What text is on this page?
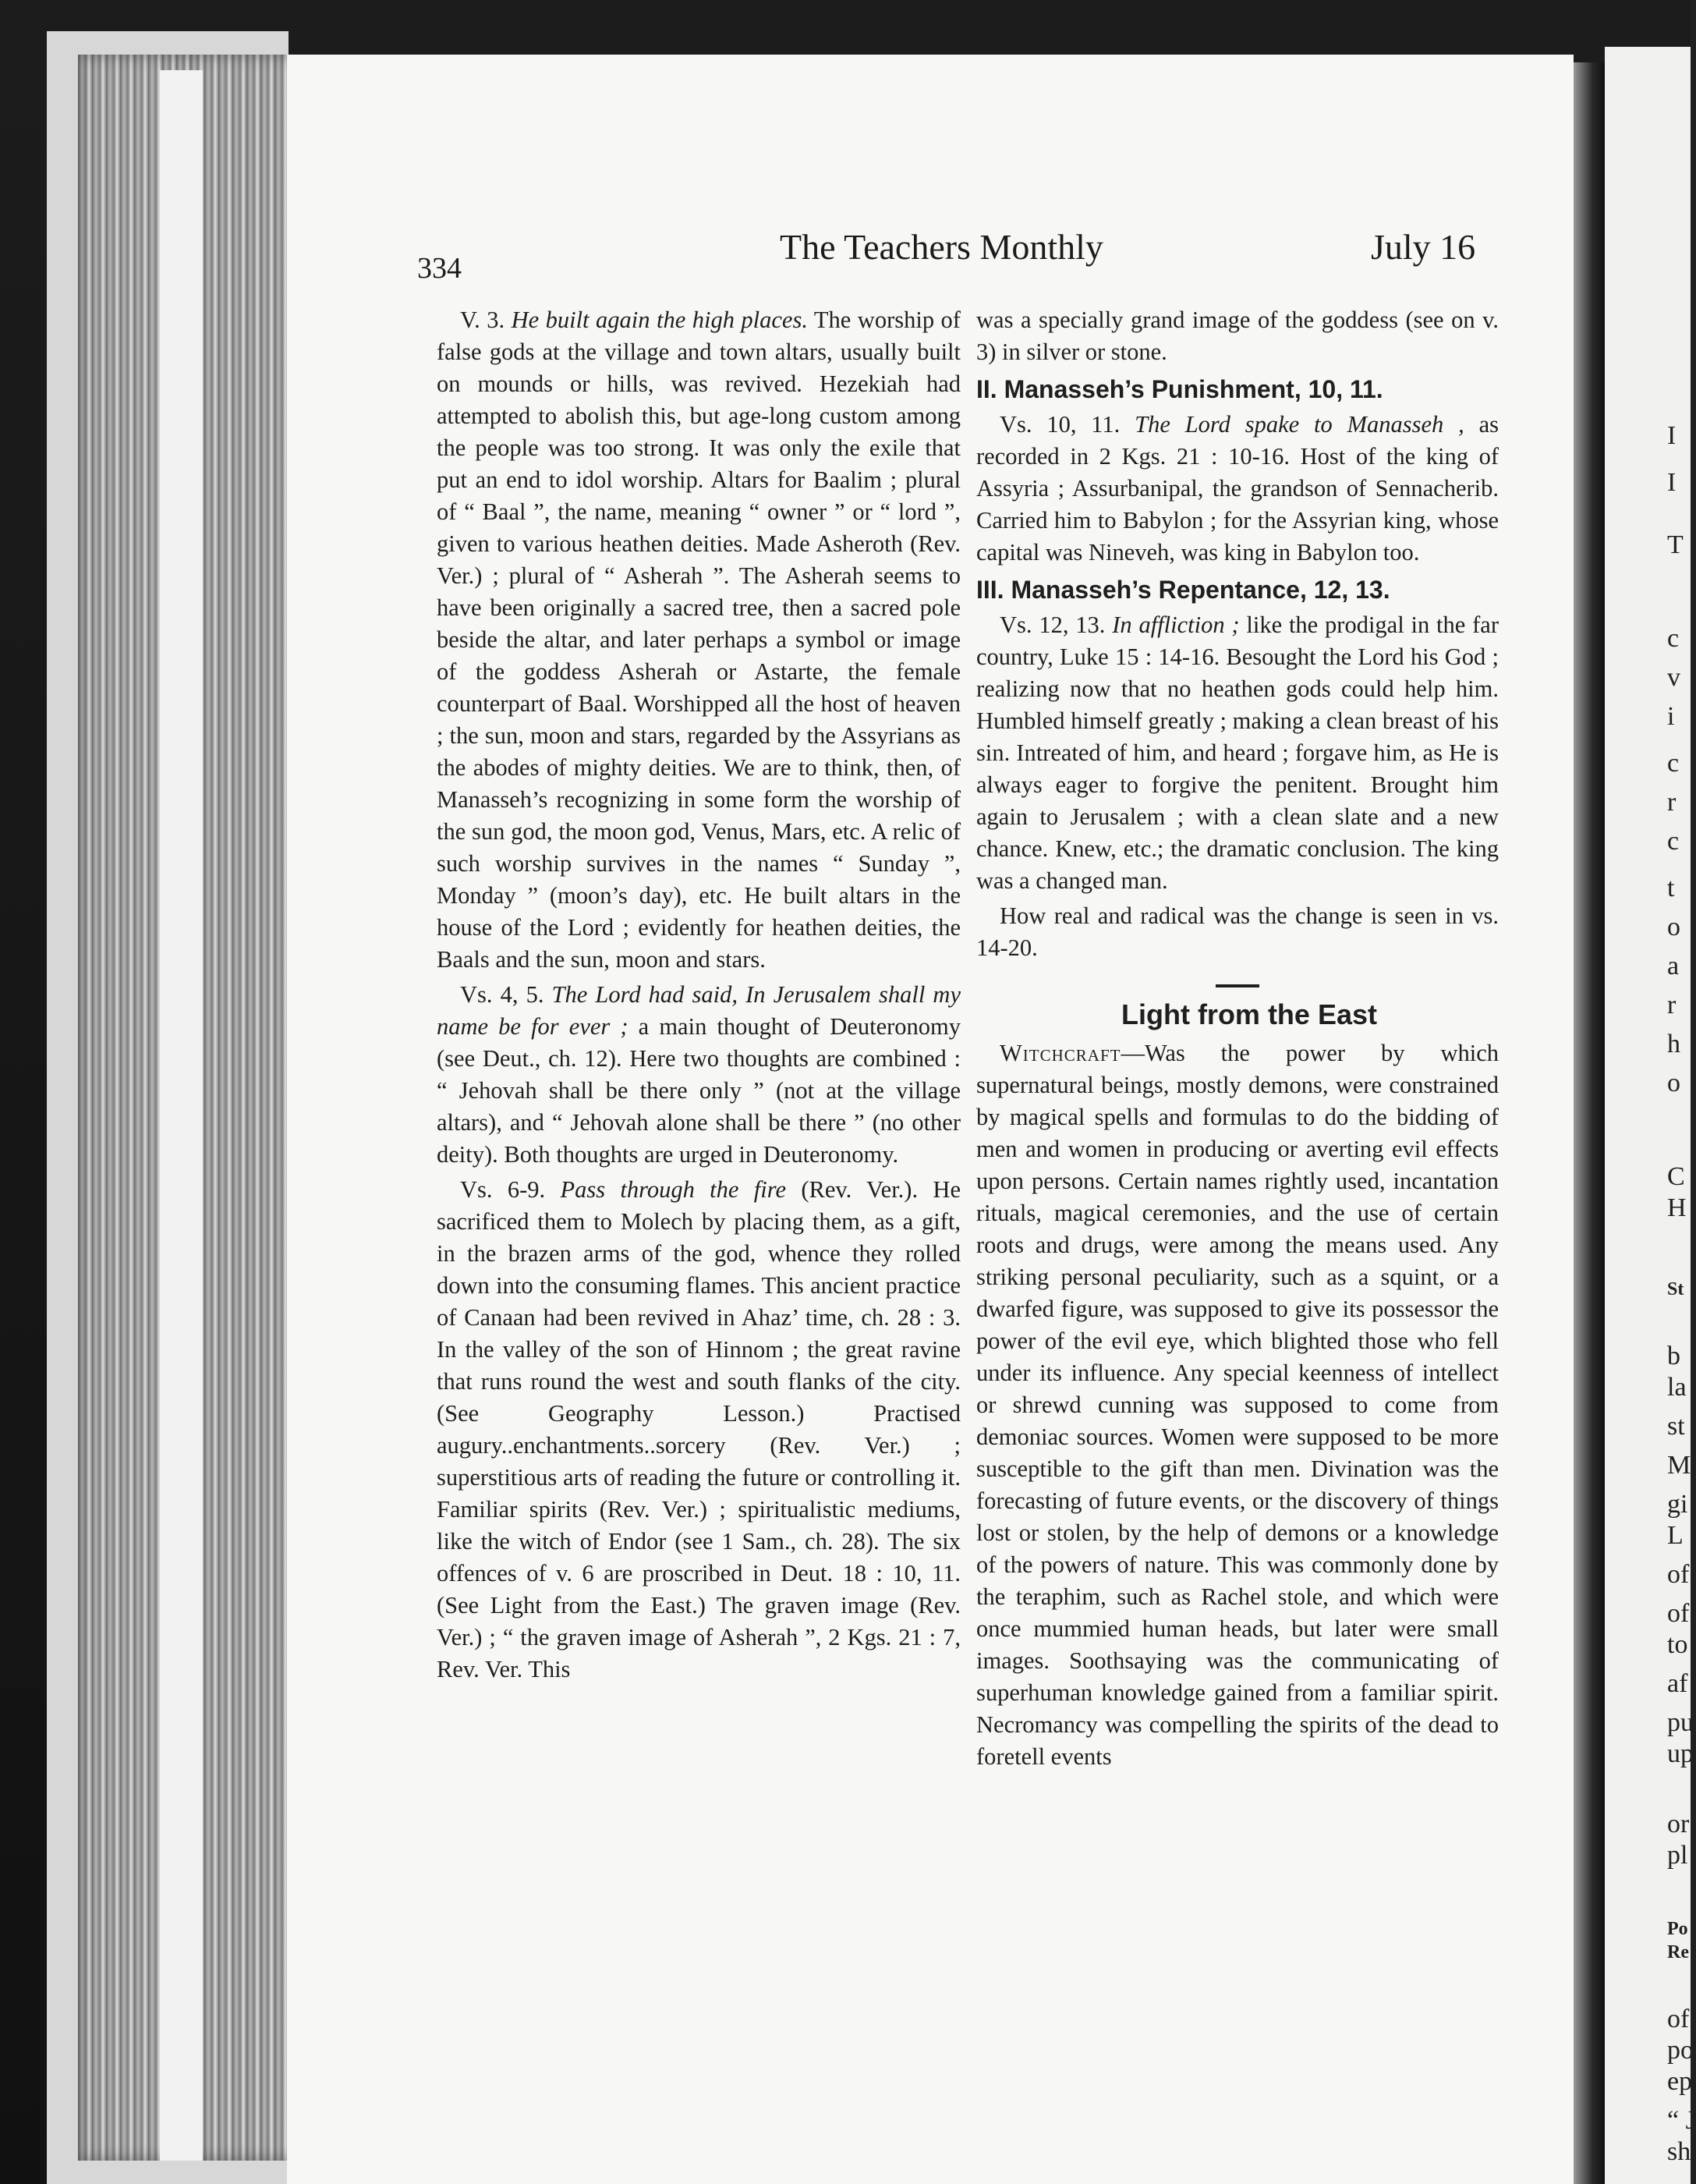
I
I
T
c
v
i
c
r
c
t
o
a
r
h
o
C
H
St
b
la
st
M
gi
L
of
of
to
af
pu
up
or
pl
Po
Re
of
po
ep
“ J
sh
334
The Teachers Monthly	July 16

V. 3. He built again the high places. The worship of false gods at the village and town altars, usually built on mounds or hills, was revived. Hezekiah had attempted to abolish this, but age-long custom among the people was too strong. It was only the exile that put an end to idol worship. Altars for Baalim ; plural of “ Baal ”, the name, meaning “ owner ” or “ lord ”, given to various heathen deities. Made Asheroth (Rev. Ver.) ; plural of “ Asherah ”. The Asherah seems to have been originally a sacred tree, then a sacred pole beside the altar, and later perhaps a symbol or image of the goddess Asherah or Astarte, the female counterpart of Baal. Worshipped all the host of heaven ; the sun, moon and stars, regarded by the Assyrians as the abodes of mighty deities. We are to think, then, of Manasseh’s recognizing in some form the worship of the sun god, the moon god, Venus, Mars, etc. A relic of such worship survives in the names “ Sunday ”, Monday ” (moon’s day), etc. He built altars in the house of the Lord ; evidently for heathen deities, the Baals and the sun, moon and stars.

Vs. 4, 5. The Lord had said, In Jerusalem shall my name be for ever ; a main thought of Deuteronomy (see Deut., ch. 12). Here two thoughts are combined : “ Jehovah shall be there only ” (not at the village altars), and “ Jehovah alone shall be there ” (no other deity). Both thoughts are urged in Deuteronomy.

Vs. 6-9. Pass through the fire (Rev. Ver.). He sacrificed them to Molech by placing them, as a gift, in the brazen arms of the god, whence they rolled down into the consuming flames. This ancient practice of Canaan had been revived in Ahaz’ time, ch. 28 : 3. In the valley of the son of Hinnom ; the great ravine that runs round the west and south flanks of the city. (See Geography Lesson.) Practised augury..enchantments..sorcery (Rev. Ver.) ; superstitious arts of reading the future or controlling it. Familiar spirits (Rev. Ver.) ; spiritualistic mediums, like the witch of Endor (see 1 Sam., ch. 28). The six offences of v. 6 are proscribed in Deut. 18 : 10, 11. (See Light from the East.) The graven image (Rev. Ver.) ; “ the graven image of Asherah ”, 2 Kgs. 21 : 7, Rev. Ver. This

was a specially grand image of the goddess (see on v. 3) in silver or stone.

II. Manasseh’s Punishment, 10, 11.

Vs. 10, 11. The Lord spake to Manasseh , as recorded in 2 Kgs. 21 : 10-16. Host of the king of Assyria ; Assurbanipal, the grandson of Sennacherib. Carried him to Babylon ; for the Assyrian king, whose capital was Nineveh, was king in Babylon too.

III. Manasseh’s Repentance, 12, 13.

Vs. 12, 13. In affliction ; like the prodigal in the far country, Luke 15 : 14-16. Besought the Lord his God ; realizing now that no heathen gods could help him. Humbled himself greatly ; making a clean breast of his sin. Intreated of him, and heard ; forgave him, as He is always eager to forgive the penitent. Brought him again to Jerusalem ; with a clean slate and a new chance. Knew, etc.; the dramatic conclusion. The king was a changed man.

How real and radical was the change is seen in vs. 14-20.

Light from the East

Witchcraft—Was the power by which supernatural beings, mostly demons, were constrained by magical spells and formulas to do the bidding of men and women in producing or averting evil effects upon persons. Certain names rightly used, incantation rituals, magical ceremonies, and the use of certain roots and drugs, were among the means used. Any striking personal peculiarity, such as a squint, or a dwarfed figure, was supposed to give its possessor the power of the evil eye, which blighted those who fell under its influence. Any special keenness of intellect or shrewd cunning was supposed to come from demoniac sources. Women were supposed to be more susceptible to the gift than men. Divination was the forecasting of future events, or the discovery of things lost or stolen, by the help of demons or a knowledge of the powers of nature. This was commonly done by the teraphim, such as Rachel stole, and which were once mummied human heads, but later were small images. Soothsaying was the communicating of superhuman knowledge gained from a familiar spirit. Necromancy was compelling the spirits of the dead to foretell events
